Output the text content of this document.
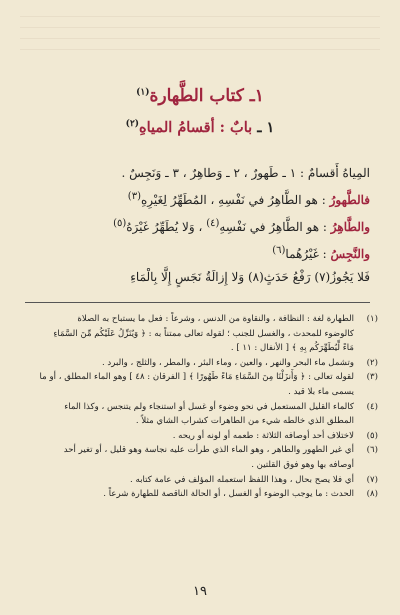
١ـ كتاب الطَّهارة$^{(١)}$
١ ـ بابٌ : أقسامُ المياهِ$^{(٢)}$
المِياهُ أَقسامٌ : ١ ـ طَهورٌ ، ٢ ـ وَطاهِرٌ ، ٣ ـ وَنَجِسٌ .
فالطَّهورُ : هو الطَّاهِرُ في نَفْسِهِ ، المُطَهِّرُ لِغَيْرِهِ$^{(٣)}$
والطَّاهِرُ : هو الطَّاهِرُ في نَفْسِهِ$^{(٤)}$ ، وَلا يُطَهِّرُ غَيْرَهُ$^{(٥)}$
والنَّجِسُ : غَيْرُهُما$^{(٦)}$
فَلا يَجُوزُ(٧) رَفْعُ حَدَثٍ(٨) وَلا إِزالَةُ نَجَسٍ إِلَّا بِالْمَاءِ
(١)
الطهارة لغة : النظافة ، والنقاوة من الدنس ، وشرعاً : فعل ما يستباح به الصلاة
كالوضوء للمحدث ، والغسل للجنب ؛ لقوله تعالى ممتناً به : ﴿ وَيُنَزِّلُ عَلَيْكُم مِّنَ السَّمَاءِ
مَاءً لِّيُطَهِّرَكُم بِهِ ﴾ [ الأنفال : ١١ ] .
(٢)
وتشمل ماء البحر والنهر ، والعين ، وماء البئر ، والمطر ، والثلج ، والبرد .
(٣)
لقوله تعالى : ﴿ وَأَنزَلْنَا مِنَ السَّمَاءِ مَاءً طَهُورًا ﴾ [ الفرقان : ٤٨ ] وهو الماء المطلق ، أو ما
يسمى ماء بلا قيد .
(٤)
كالماء القليل المستعمل في نحو وضوء أو غسل أو استنجاء ولم يتنجس ، وكذا الماء
المطلق الذي خالطه شيء من الطاهرات كشراب الشاي مثلاً .
(٥)
لاختلاف أحد أوصافه الثلاثة : طعمه أو لونه أو ريحه .
(٦)
أي غير الطهور والطاهر ، وهو الماء الذي طرأت عليه نجاسة وهو قليل ، أو تغير أحد
أوصافه بها وهو فوق القلتين .
(٧)
أي فلا يصح بحال ، وهذا اللفظ استعمله المؤلف في عامة كتابه .
(٨)
الحدث : ما يوجب الوضوء أو الغسل ، أو الحالة الناقصة للطهارة شرعاً .
١٩
